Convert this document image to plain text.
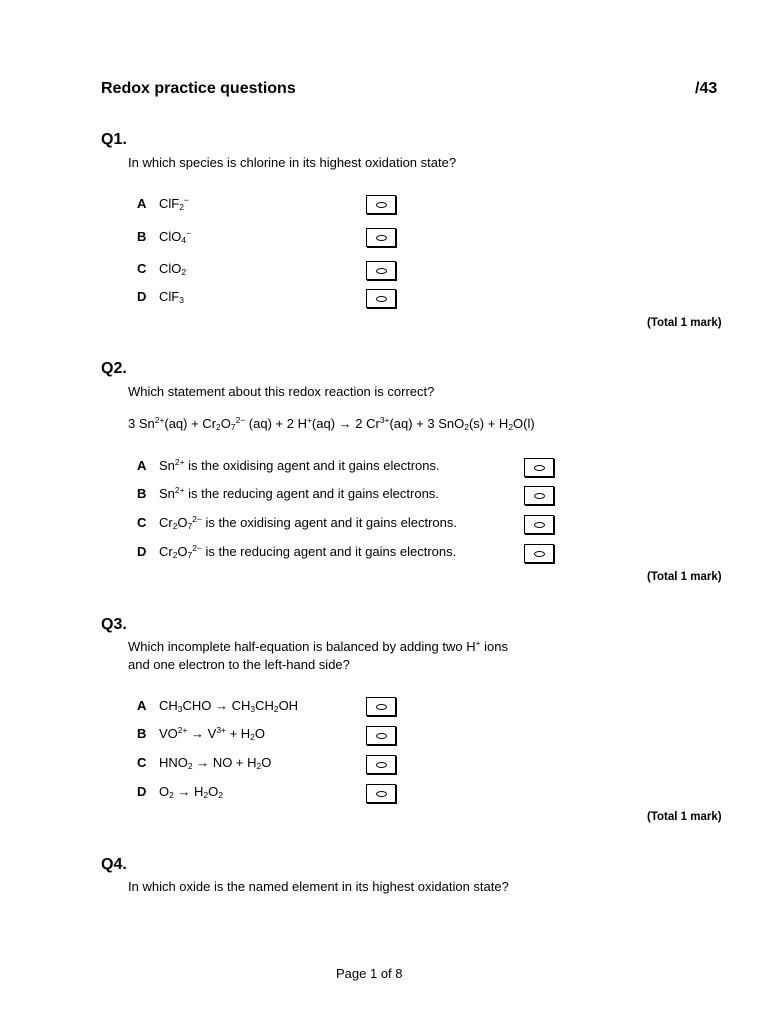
Redox practice questions	/43
Q1.
In which species is chlorine in its highest oxidation state?
A ClF$_2$−
B ClO$_4$−
C ClO$_2$
D ClF$_3$
(Total 1 mark)
Q2.
Which statement about this redox reaction is correct?
3 $Sn^{2+}(aq) + Cr_2O_7^{2-}$ (aq) + 2 H+(aq) → 2 $Cr^{3+}(aq) + 3$ $SnO_2(s) + H_2O(l)$
A $Sn^{2+}$ is the oxidising agent and it gains electrons.
B $Sn^{2+}$ is the reducing agent and it gains electrons.
C $Cr_2O_7^{2-}$ is the oxidising agent and it gains electrons.
D $Cr_2O_7^{2-}$ is the reducing agent and it gains electrons.
(Total 1 mark)
Q3.
Which incomplete half-equation is balanced by adding two H+ ions
and one electron to the left-hand side?
A $CH_3CHO \to CH_3CH_2OH$
B $VO^{2+} \to V^{3+} + H_2O$
C $HNO_2$ → NO + $H_2O$
D $O_2 \to H_2O_2$
(Total 1 mark)
Q4.
In which oxide is the named element in its highest oxidation state?
Page 1 of 8
